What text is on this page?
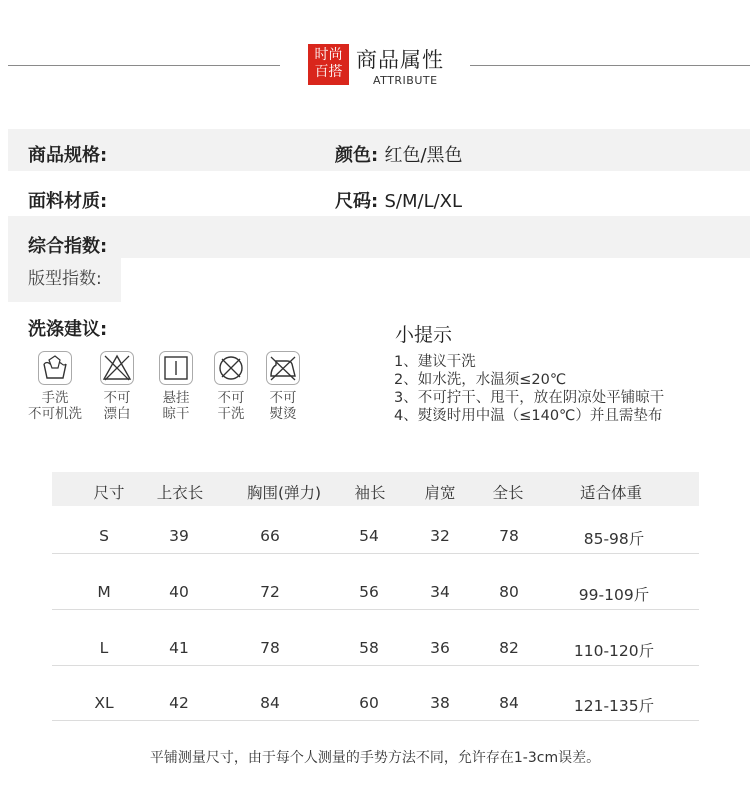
时尚
百搭 商品属性
ATTRIBUTE
商品规格:	颜色: 红色/黑色
面料材质:	尺码: S/M/L/XL
综合指数:
版型指数:
洗涤建议:
手洗
不可机洗
不可
漂白
悬挂
晾干
不可
干洗
不可
熨烫
小提示
1、建议干洗
2、如水洗，水温须≤20℃
3、不可拧干、甩干，放在阴凉处平铺晾干
4、熨烫时用中温（≤140℃）并且需垫布
尺寸 上衣长	胸围(弹力) 袖长	肩宽 全长	适合体重
S	39	66	54	32	78	85-98斤
M	40	72	56	34	80	99-109斤
L	41	78	58	36	82	110-120斤
XL	42	84	60	38	84	121-135斤
平铺测量尺寸，由于每个人测量的手势方法不同，允许存在1-3cm误差。
